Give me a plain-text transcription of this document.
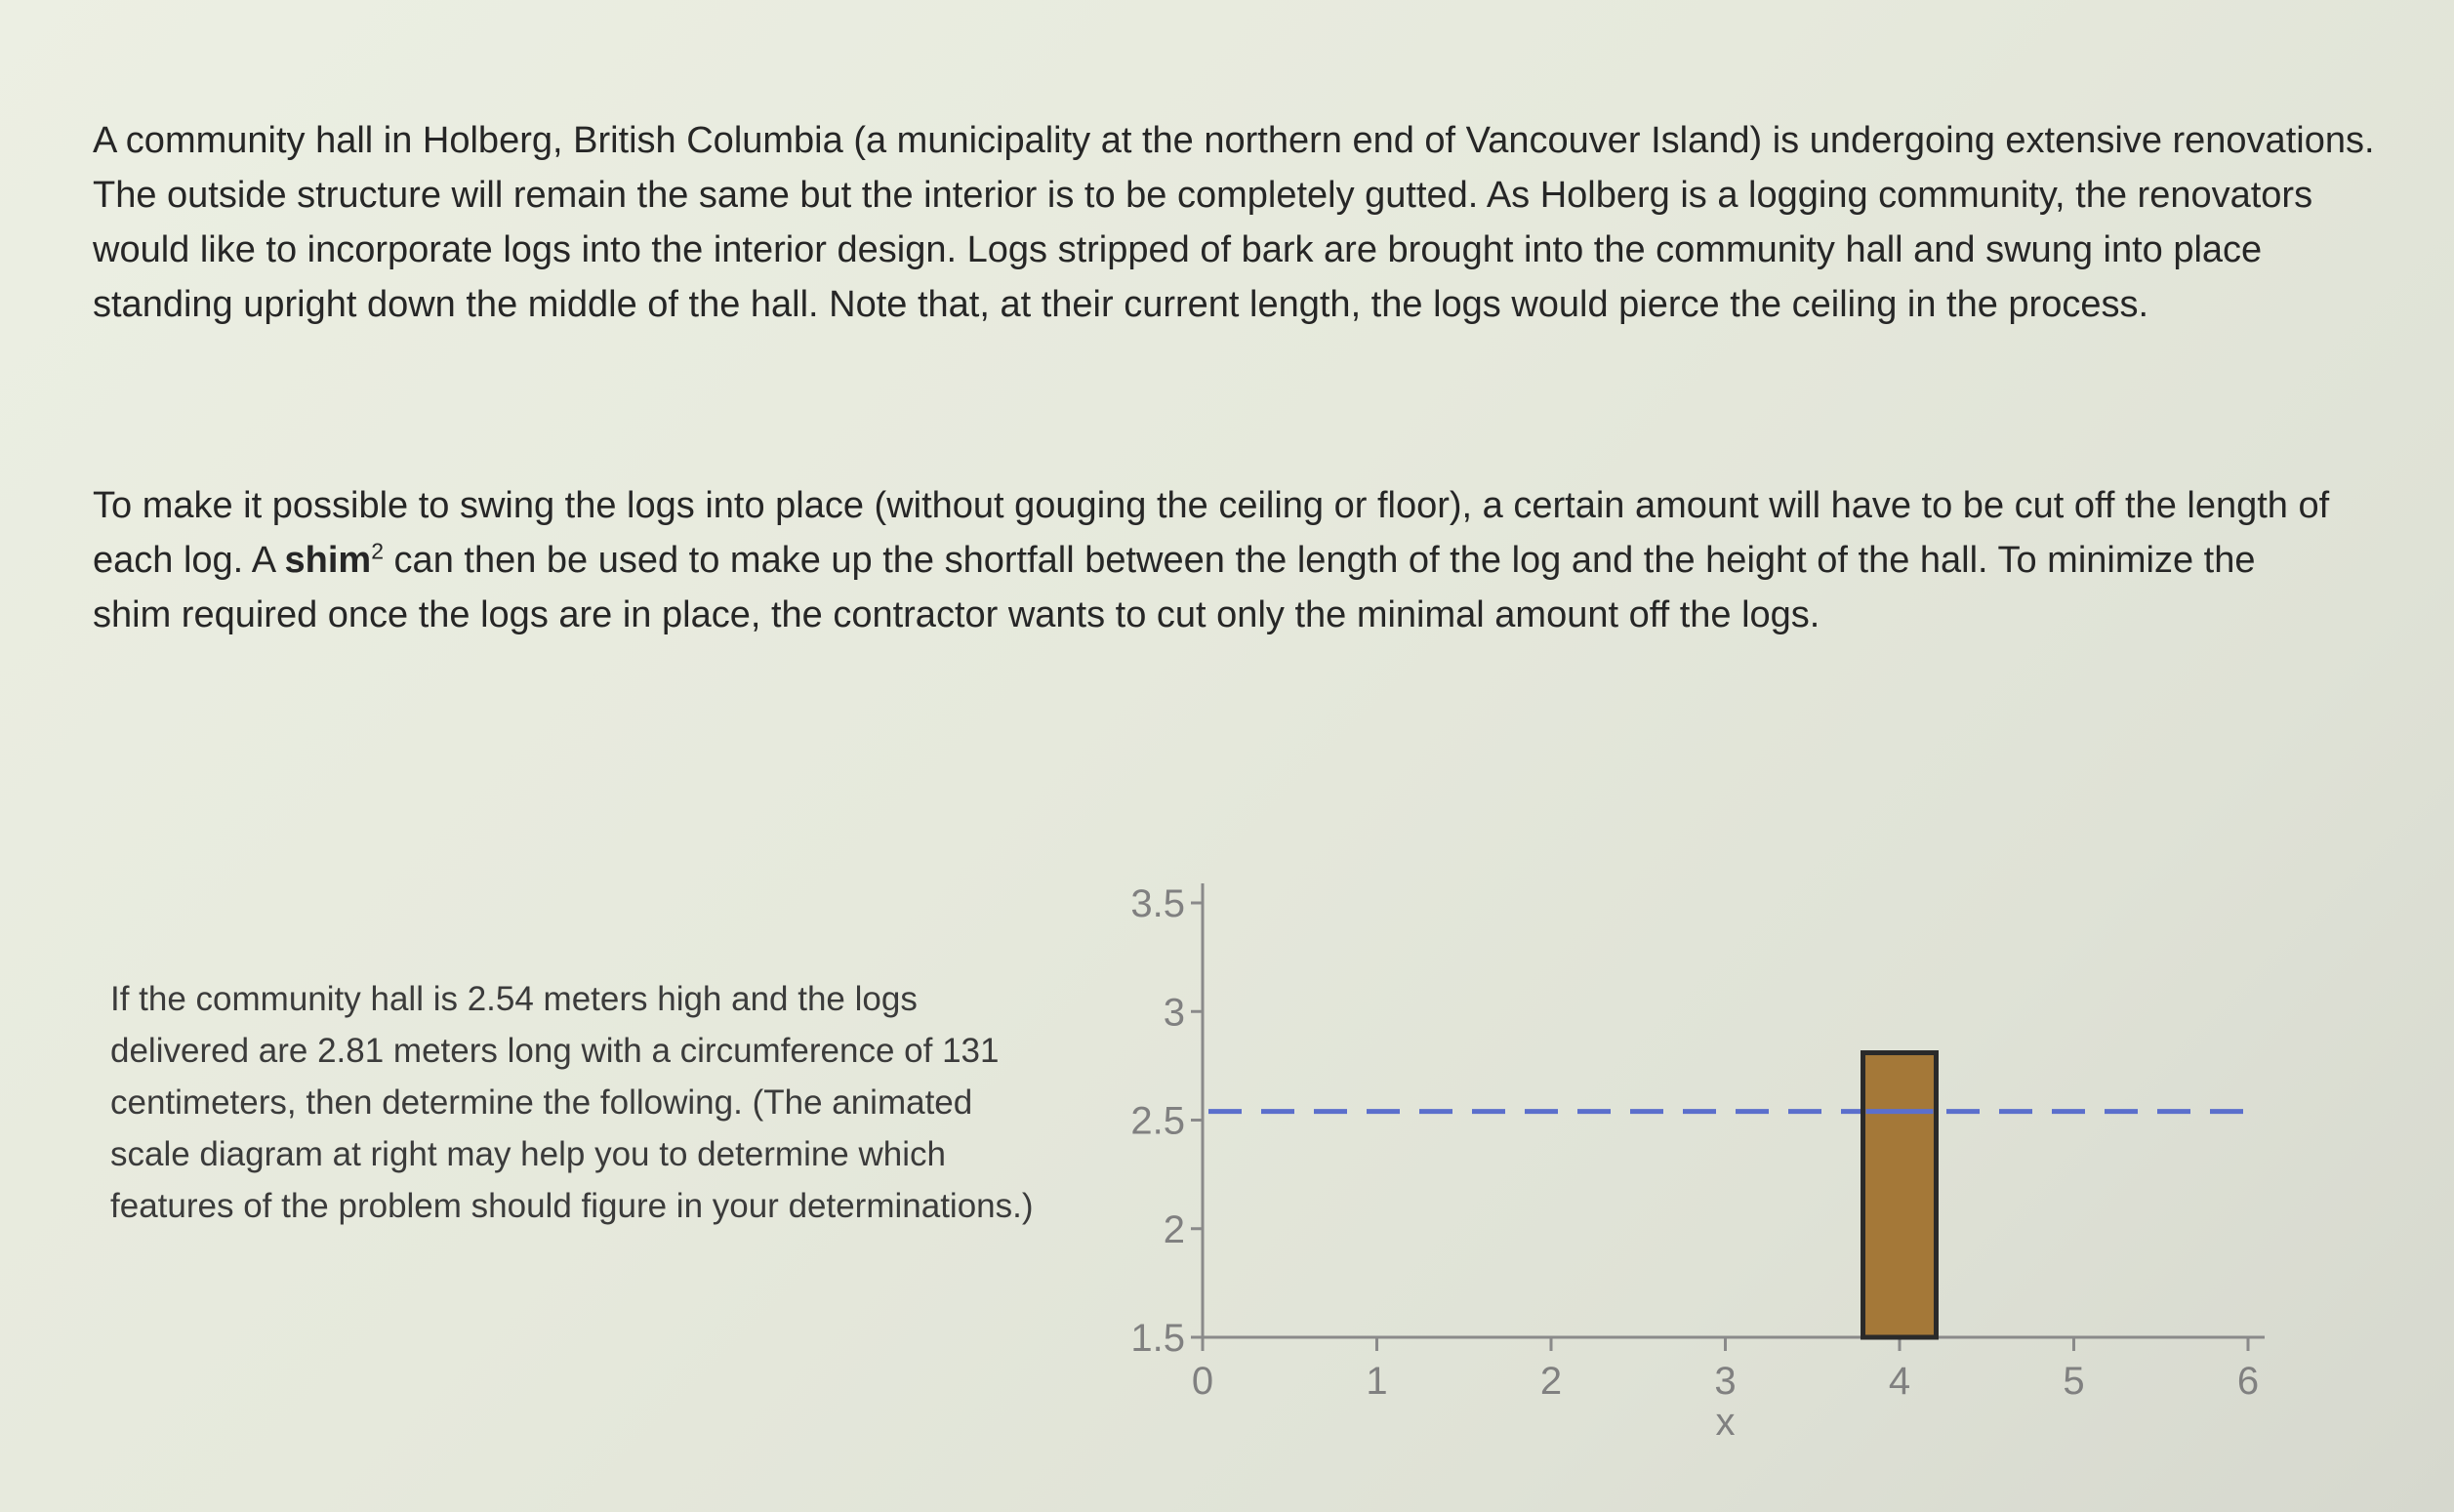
A community hall in Holberg, British Columbia (a municipality at the northern end of Vancouver Island) is undergoing extensive renovations. The outside structure will remain the same but the interior is to be completely gutted. As Holberg is a logging community, the renovators would like to incorporate logs into the interior design. Logs stripped of bark are brought into the community hall and swung into place standing upright down the middle of the hall. Note that, at their current length, the logs would pierce the ceiling in the process.

To make it possible to swing the logs into place (without gouging the ceiling or floor), a certain amount will have to be cut off the length of each log. A shim$^2$ can then be used to make up the shortfall between the length of the log and the height of the hall. To minimize the shim required once the logs are in place, the contractor wants to cut only the minimal amount off the logs.

If the community hall is 2.54 meters high and the logs delivered are 2.81 meters long with a circumference of 131 centimeters, then determine the following. (The animated scale diagram at right may help you to determine which features of the problem should figure in your determinations.)

1.5
2
2.5
3
3.5
0	1	2	3	4	5	6
x
